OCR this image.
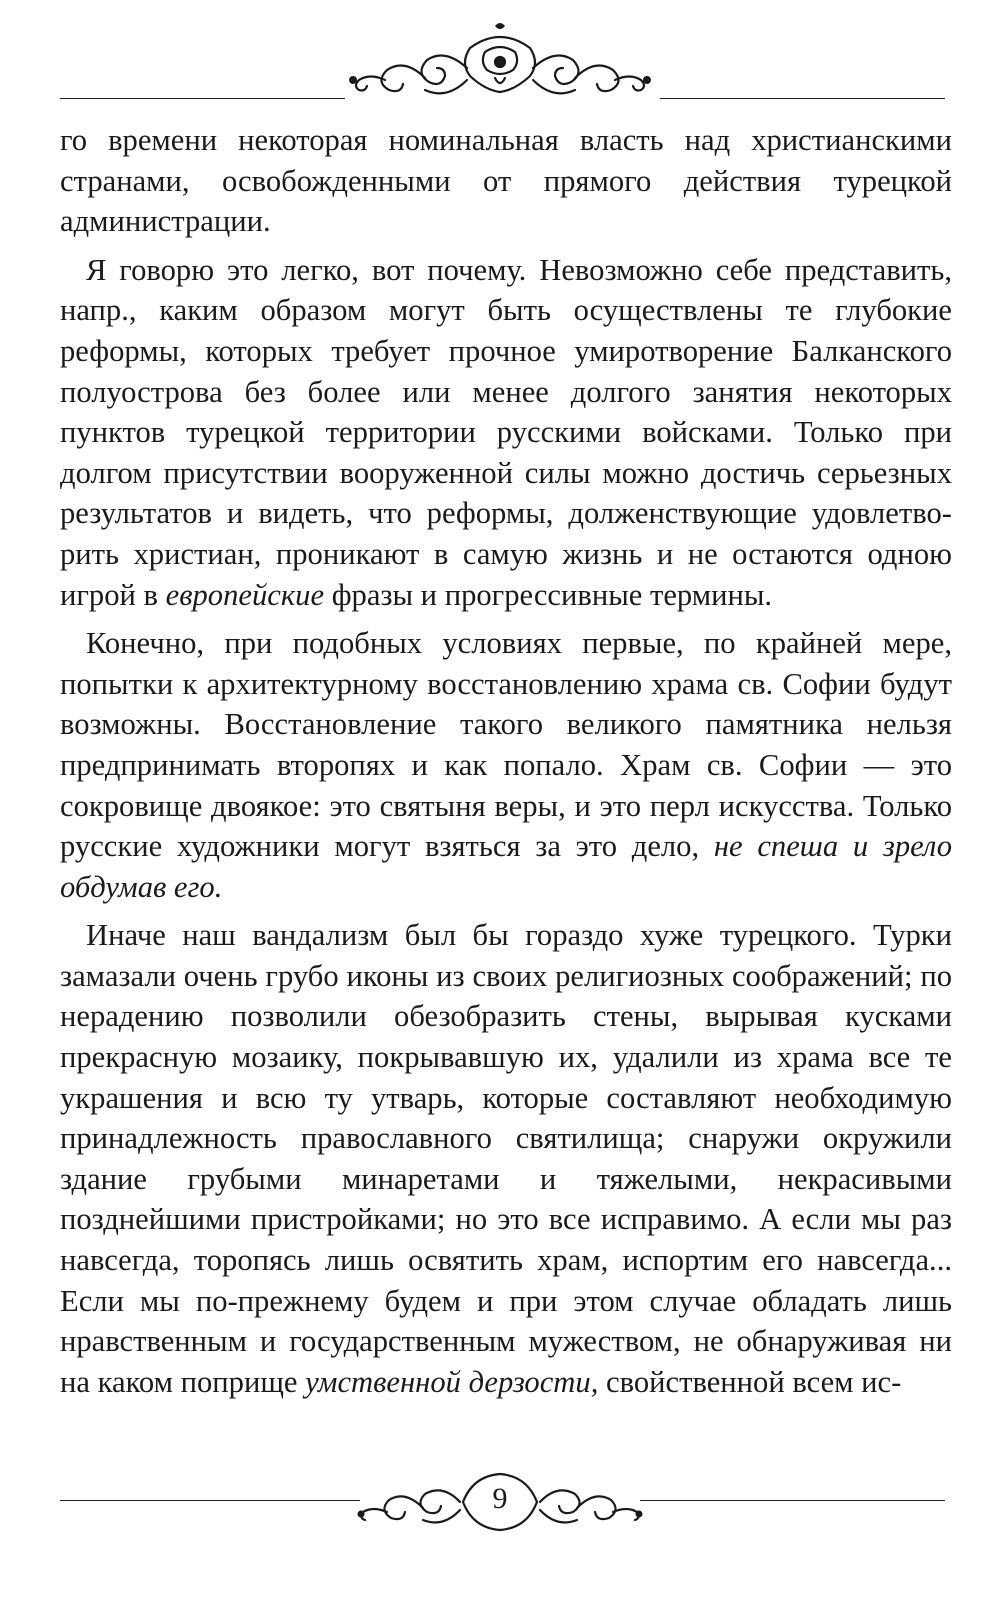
го времени некоторая номинальная власть над христианскими странами, освобожденными от прямого действия турецкой администрации.

Я говорю это легко, вот почему. Невозможно себе представить, напр., каким образом могут быть осуществлены те глубокие реформы, которых требует прочное умиротворение Балканского полуострова без более или менее долгого занятия некоторых пунктов турецкой территории русскими войсками. Только при долгом присутствии вооруженной силы можно достичь серьезных результатов и видеть, что реформы, долженствующие удовлетворить христиан, проникают в самую жизнь и не остаются одною игрой в европейские фразы и прогрессивные термины.

Конечно, при подобных условиях первые, по крайней мере, попытки к архитектурному восстановлению храма св. Софии будут возможны. Восстановление такого великого памятника нельзя предпринимать второпях и как попало. Храм св. Софии — это сокровище двоякое: это святыня веры, и это перл искусства. Только русские художники могут взяться за это дело, не спеша и зрело обдумав его.

Иначе наш вандализм был бы гораздо хуже турецкого. Турки замазали очень грубо иконы из своих религиозных соображений; по нерадению позволили обезобразить стены, вырывая кусками прекрасную мозаику, покрывавшую их, удалили из храма все те украшения и всю ту утварь, которые составляют необходимую принадлежность православного святилища; снаружи окружили здание грубыми минаретами и тяжелыми, некрасивыми позднейшими пристройками; но это все исправимо. А если мы раз навсегда, торопясь лишь освятить храм, испортим его навсегда... Если мы по-прежнему будем и при этом случае обладать лишь нравственным и государственным мужеством, не обнаруживая ни на каком поприще умственной дерзости, свойственной всем ис-

9
